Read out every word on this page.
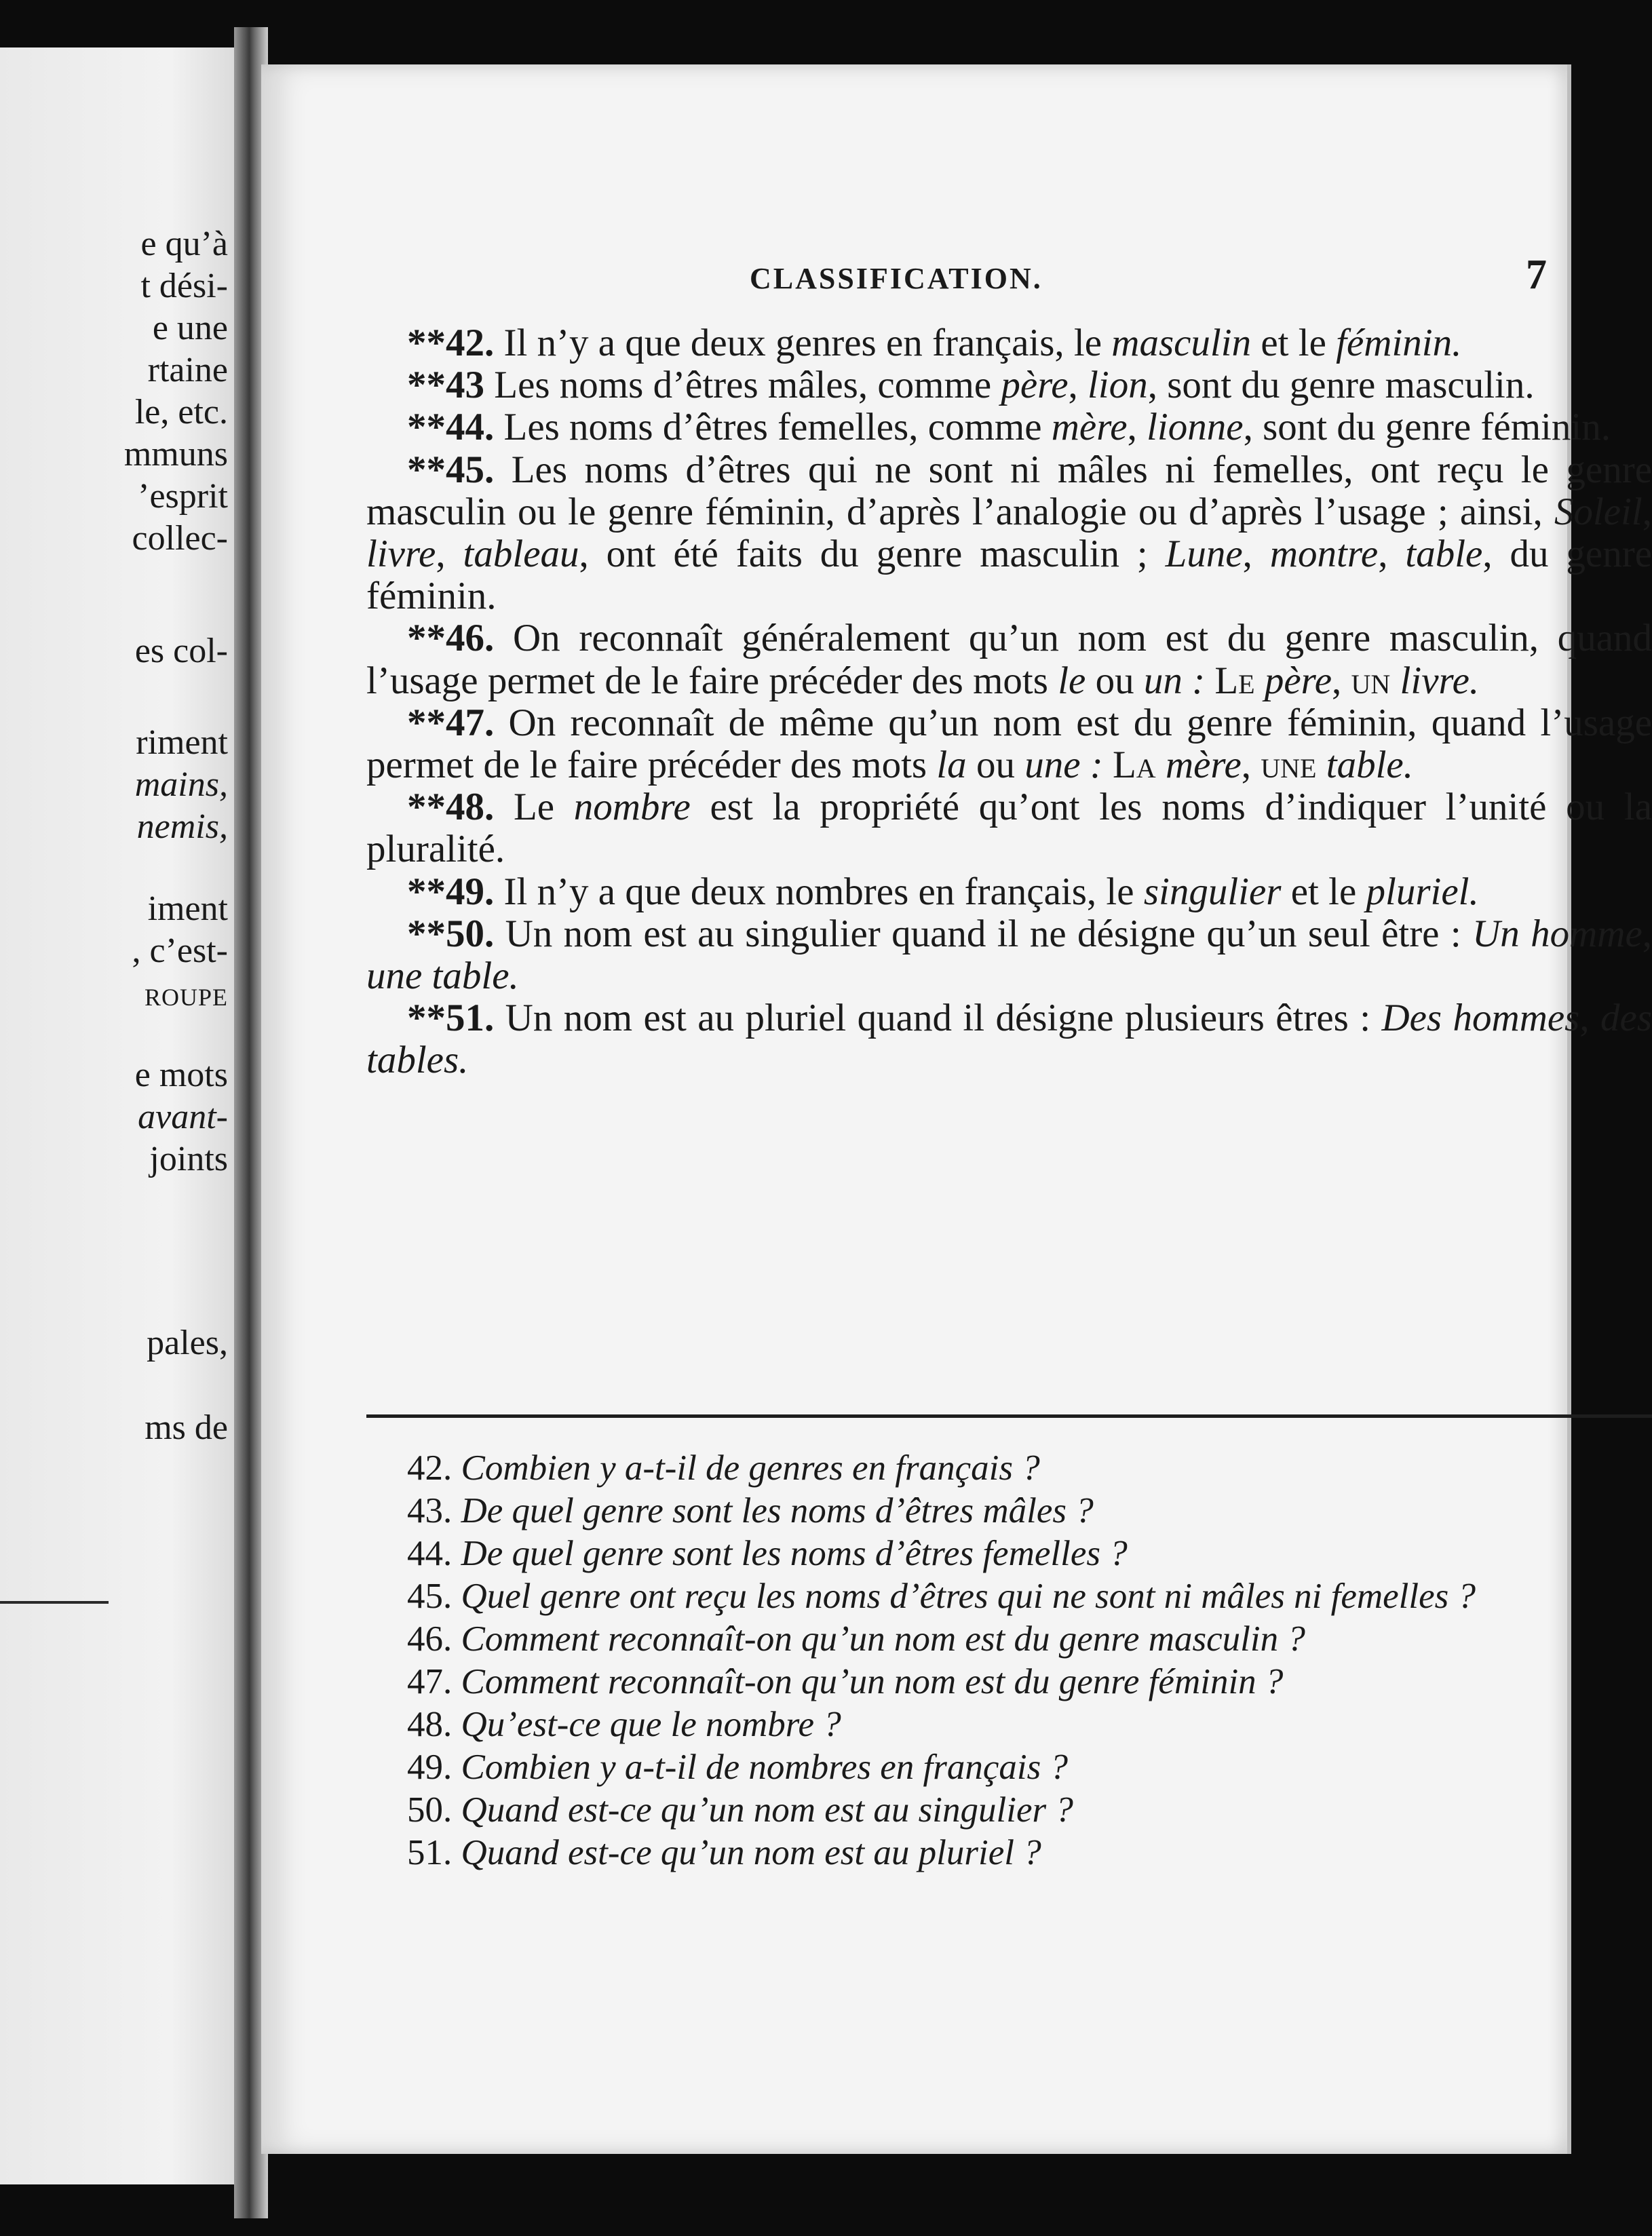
e qu’à
t dési-
e une
rtaine
le, etc.
mmuns
’esprit
collec-
es col-
riment
mains,
nemis,
iment
, c’est-
ROUPE
e mots
avant-
joints
pales,
ms de
CLASSIFICATION.	7

**42. Il n’y a que deux genres en français, le masculin et le féminin.

**43 Les noms d’êtres mâles, comme père, lion, sont du genre masculin.

**44. Les noms d’êtres femelles, comme mère, lionne, sont du genre féminin.

**45. Les noms d’êtres qui ne sont ni mâles ni femelles, ont reçu le genre masculin ou le genre féminin, d’après l’analogie ou d’après l’usage ; ainsi, Soleil, livre, tableau, ont été faits du genre masculin ; Lune, montre, table, du genre féminin.

**46. On reconnaît généralement qu’un nom est du genre masculin, quand l’usage permet de le faire précéder des mots le ou un : Le père, un livre.

**47. On reconnaît de même qu’un nom est du genre féminin, quand l’usage permet de le faire précéder des mots la ou une : La mère, une table.

**48. Le nombre est la propriété qu’ont les noms d’indiquer l’unité ou la pluralité.

**49. Il n’y a que deux nombres en français, le singulier et le pluriel.

**50. Un nom est au singulier quand il ne désigne qu’un seul être : Un homme, une table.

**51. Un nom est au pluriel quand il désigne plusieurs êtres : Des hommes, des tables.

42. Combien y a-t-il de genres en français ?

43. De quel genre sont les noms d’êtres mâles ?

44. De quel genre sont les noms d’êtres femelles ?

45. Quel genre ont reçu les noms d’êtres qui ne sont ni mâles ni femelles ?

46. Comment reconnaît-on qu’un nom est du genre masculin ?

47. Comment reconnaît-on qu’un nom est du genre féminin ?

48. Qu’est-ce que le nombre ?

49. Combien y a-t-il de nombres en français ?

50. Quand est-ce qu’un nom est au singulier ?

51. Quand est-ce qu’un nom est au pluriel ?
